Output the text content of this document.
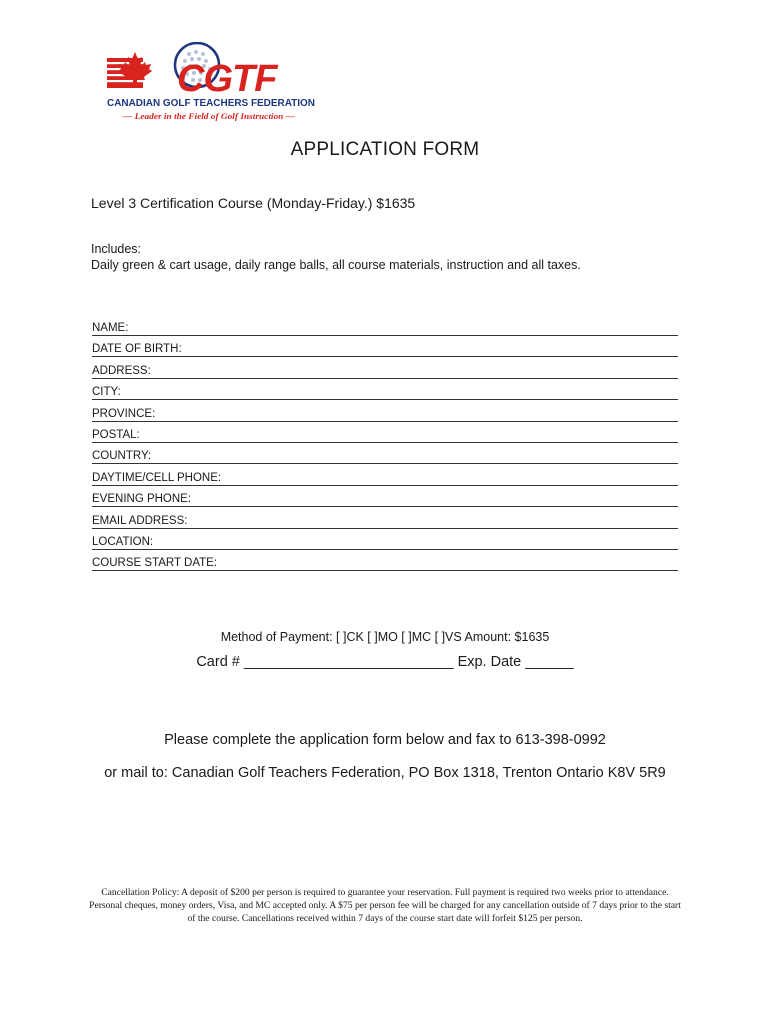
CGTF
CANADIAN GOLF TEACHERS FEDERATION
— Leader in the Field of Golf Instruction —
APPLICATION FORM
Level 3 Certification Course (Monday-Friday.) $1635
Includes:
Daily green & cart usage, daily range balls, all course materials, instruction and all taxes.
NAME:
DATE OF BIRTH:
ADDRESS:
CITY:
PROVINCE:
POSTAL:
COUNTRY:
DAYTIME/CELL PHONE:
EVENING PHONE:
EMAIL ADDRESS:
LOCATION:
COURSE START DATE:
Method of Payment: [ ]CK [ ]MO [ ]MC [ ]VS Amount: $1635
Card # __________________________ Exp. Date ______
Please complete the application form below and fax to 613-398-0992
or mail to: Canadian Golf Teachers Federation, PO Box 1318, Trenton Ontario K8V 5R9
Cancellation Policy: A deposit of $200 per person is required to guarantee your reservation. Full payment is required two weeks prior to attendance. Personal cheques, money orders, Visa, and MC accepted only. A $75 per person fee will be charged for any cancellation outside of 7 days prior to the start of the course. Cancellations received within 7 days of the course start date will forfeit $125 per person.
